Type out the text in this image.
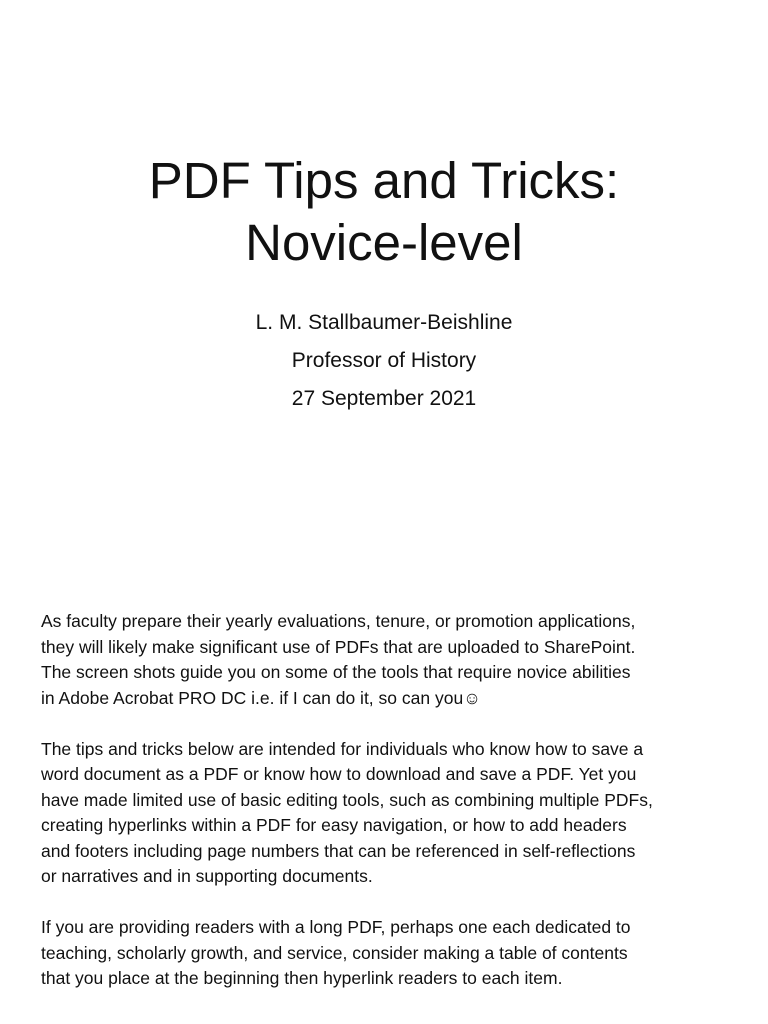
PDF Tips and Tricks:
Novice-level
L. M. Stallbaumer-Beishline
Professor of History
27 September 2021

As faculty prepare their yearly evaluations, tenure, or promotion applications,
they will likely make significant use of PDFs that are uploaded to SharePoint.
The screen shots guide you on some of the tools that require novice abilities
in Adobe Acrobat PRO DC i.e. if I can do it, so can you☺

The tips and tricks below are intended for individuals who know how to save a
word document as a PDF or know how to download and save a PDF. Yet you
have made limited use of basic editing tools, such as combining multiple PDFs,
creating hyperlinks within a PDF for easy navigation, or how to add headers
and footers including page numbers that can be referenced in self-reflections
or narratives and in supporting documents.

If you are providing readers with a long PDF, perhaps one each dedicated to
teaching, scholarly growth, and service, consider making a table of contents
that you place at the beginning then hyperlink readers to each item.
